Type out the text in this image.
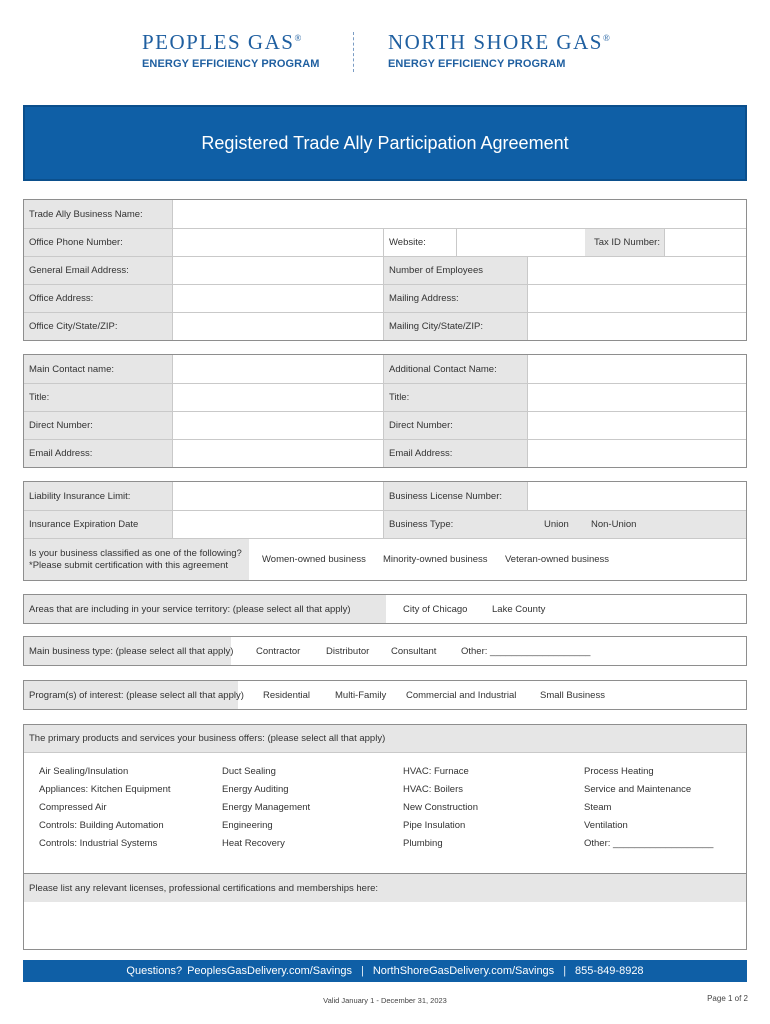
PEOPLES GAS®
ENERGY EFFICIENCY PROGRAM
NORTH SHORE GAS®
ENERGY EFFICIENCY PROGRAM
Registered Trade Ally Participation Agreement
Trade Ally Business Name:
Office Phone Number:	Website:	Tax ID Number:
General Email Address:	Number of Employees
Office Address:	Mailing Address:
Office City/State/ZIP:	Mailing City/State/ZIP:
Main Contact name:	Additional Contact Name:
Title:	Title:
Direct Number:	Direct Number:
Email Address:	Email Address:
Liability Insurance Limit:	Business License Number:
Insurance Expiration Date	Business Type:	Union Non-Union
Is your business classified as one of the following?
*Please submit certification with this agreement	Women-owned business Minority-owned business Veteran-owned business
Areas that are including in your service territory: (please select all that apply)	City of Chicago	Lake County
Main business type: (please select all that apply) Contractor	Distributor Consultant	Other: ___________________
Program(s) of interest: (please select all that apply) Residential	Multi-Family Commercial and Industrial Small Business
The primary products and services your business offers: (please select all that apply)
Air Sealing/Insulation
Appliances: Kitchen Equipment
Compressed Air
Controls: Building Automation
Controls: Industrial Systems
Duct Sealing
Energy Auditing
Energy Management
Engineering
Heat Recovery
HVAC: Furnace
HVAC: Boilers
New Construction
Pipe Insulation
Plumbing
Process Heating
Service and Maintenance
Steam
Ventilation
Other: ___________________
Please list any relevant licenses, professional certifications and memberships here:
Questions? PeoplesGasDelivery.com/Savings | NorthShoreGasDelivery.com/Savings | 855-849-8928
Valid January 1 - December 31, 2023	Page 1 of 2
